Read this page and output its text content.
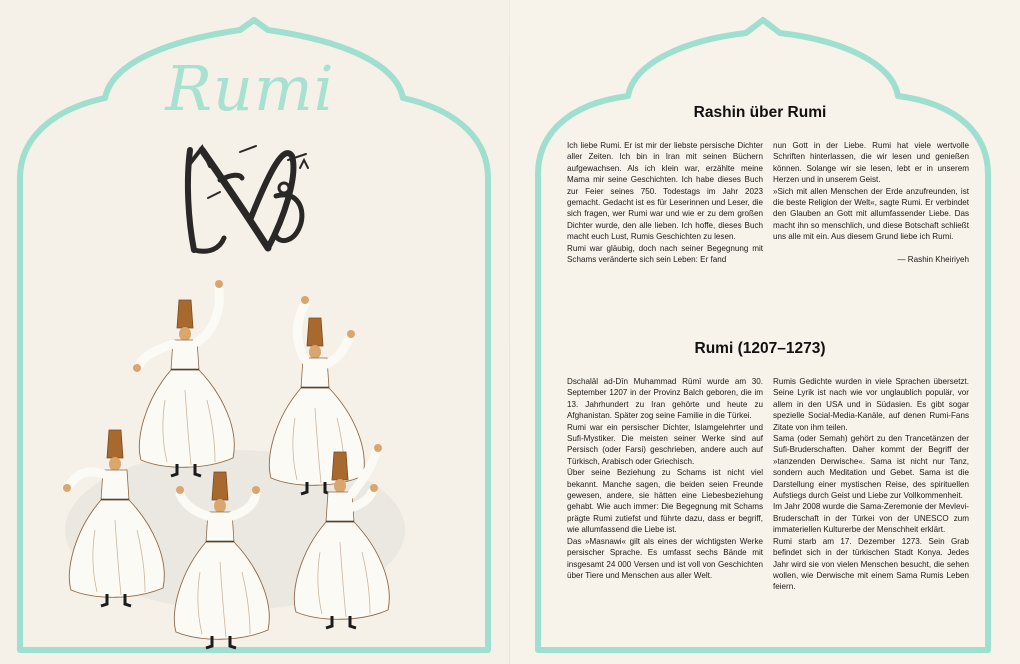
Rumi	Rashin über Rumi

Ich liebe Rumi. Er ist mir der liebste persische Dichter aller Zeiten. Ich bin in Iran mit seinen Büchern aufgewachsen. Als ich klein war, erzählte meine Mama mir seine Geschichten. Ich habe dieses Buch zur Feier seines 750. Todestags im Jahr 2023 gemacht. Gedacht ist es für Leserinnen und Leser, die sich fragen, wer Rumi war und wie er zu dem großen Dichter wurde, den alle lieben. Ich hoffe, dieses Buch macht euch Lust, Rumis Geschichten zu lesen.

Rumi war gläubig, doch nach seiner Begegnung mit Schams veränderte sich sein Leben: Er fand

nun Gott in der Liebe. Rumi hat viele wertvolle Schriften hinterlassen, die wir lesen und genießen können. Solange wir sie lesen, lebt er in unserem Herzen und in unserem Geist.

»Sich mit allen Menschen der Erde anzufreunden, ist die beste Religion der Welt«, sagte Rumi. Er verbindet den Glauben an Gott mit allumfassender Liebe. Das macht ihn so menschlich, und diese Botschaft schließt uns alle mit ein. Aus diesem Grund liebe ich Rumi.

— Rashin Kheiriyeh

Rumi (1207–1273)

Dschalāl ad-Dīn Muhammad Rūmī wurde am 30. September 1207 in der Provinz Balch geboren, die im 13. Jahrhundert zu Iran gehörte und heute zu Afghanistan. Später zog seine Familie in die Türkei.

Rumi war ein persischer Dichter, Islamgelehrter und Sufi-Mystiker. Die meisten seiner Werke sind auf Persisch (oder Farsi) geschrieben, andere auch auf Türkisch, Arabisch oder Griechisch.

Über seine Beziehung zu Schams ist nicht viel bekannt. Manche sagen, die beiden seien Freunde gewesen, andere, sie hätten eine Liebesbeziehung gehabt. Wie auch immer: Die Begegnung mit Schams prägte Rumi zutiefst und führte dazu, dass er begriff, wie allumfassend die Liebe ist.

Das »Masnawi« gilt als eines der wichtigsten Werke persischer Sprache. Es umfasst sechs Bände mit insgesamt 24 000 Versen und ist voll von Geschichten über Tiere und Menschen aus aller Welt.

Rumis Gedichte wurden in viele Sprachen übersetzt. Seine Lyrik ist nach wie vor unglaublich populär, vor allem in den USA und in Südasien. Es gibt sogar spezielle Social-Media-Kanäle, auf denen Rumi-Fans Zitate von ihm teilen.

Sama (oder Semah) gehört zu den Trancetänzen der Sufi-Bruderschaften. Daher kommt der Begriff der »tanzenden Derwische«. Sama ist nicht nur Tanz, sondern auch Meditation und Gebet. Sama ist die Darstellung einer mystischen Reise, des spirituellen Aufstiegs durch Geist und Liebe zur Vollkommenheit.

Im Jahr 2008 wurde die Sama-Zeremonie der Mevlevi-Bruderschaft in der Türkei von der UNESCO zum immateriellen Kulturerbe der Menschheit erklärt.

Rumi starb am 17. Dezember 1273. Sein Grab befindet sich in der türkischen Stadt Konya. Jedes Jahr wird sie von vielen Menschen besucht, die sehen wollen, wie Derwische mit einem Sama Rumis Leben feiern.
